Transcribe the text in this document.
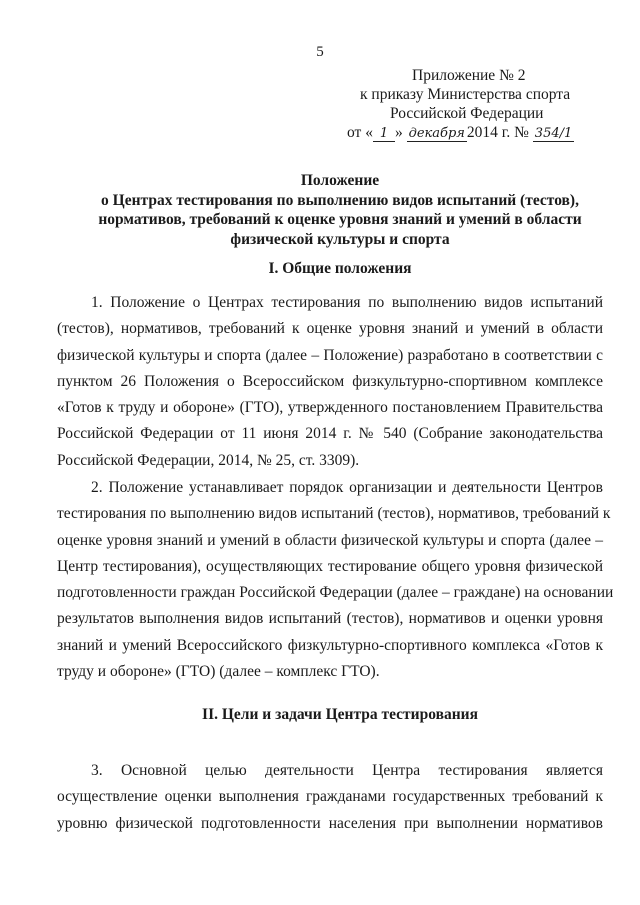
5
Приложение № 2
к приказу Министерства спорта
Российской Федерации
от « 1 » декабря 2014 г. № 354/1
Положение
о Центрах тестирования по выполнению видов испытаний (тестов),
нормативов, требований к оценке уровня знаний и умений в области
физической культуры и спорта
I. Общие положения
1. Положение о Центрах тестирования по выполнению видов испытаний
(тестов), нормативов, требований к оценке уровня знаний и умений в области
физической культуры и спорта (далее – Положение) разработано в соответствии с
пунктом 26 Положения о Всероссийском физкультурно-спортивном комплексе
«Готов к труду и обороне» (ГТО), утвержденного постановлением Правительства
Российской Федерации от 11 июня 2014 г. № 540 (Собрание законодательства
Российской Федерации, 2014, № 25, ст. 3309).
2. Положение устанавливает порядок организации и деятельности Центров
тестирования по выполнению видов испытаний (тестов), нормативов, требований к
оценке уровня знаний и умений в области физической культуры и спорта (далее –
Центр тестирования), осуществляющих тестирование общего уровня физической
подготовленности граждан Российской Федерации (далее – граждане) на основании
результатов выполнения видов испытаний (тестов), нормативов и оценки уровня
знаний и умений Всероссийского физкультурно-спортивного комплекса «Готов к
труду и обороне» (ГТО) (далее – комплекс ГТО).
II. Цели и задачи Центра тестирования
3. Основной целью деятельности Центра тестирования является
осуществление оценки выполнения гражданами государственных требований к
уровню физической подготовленности населения при выполнении нормативов
